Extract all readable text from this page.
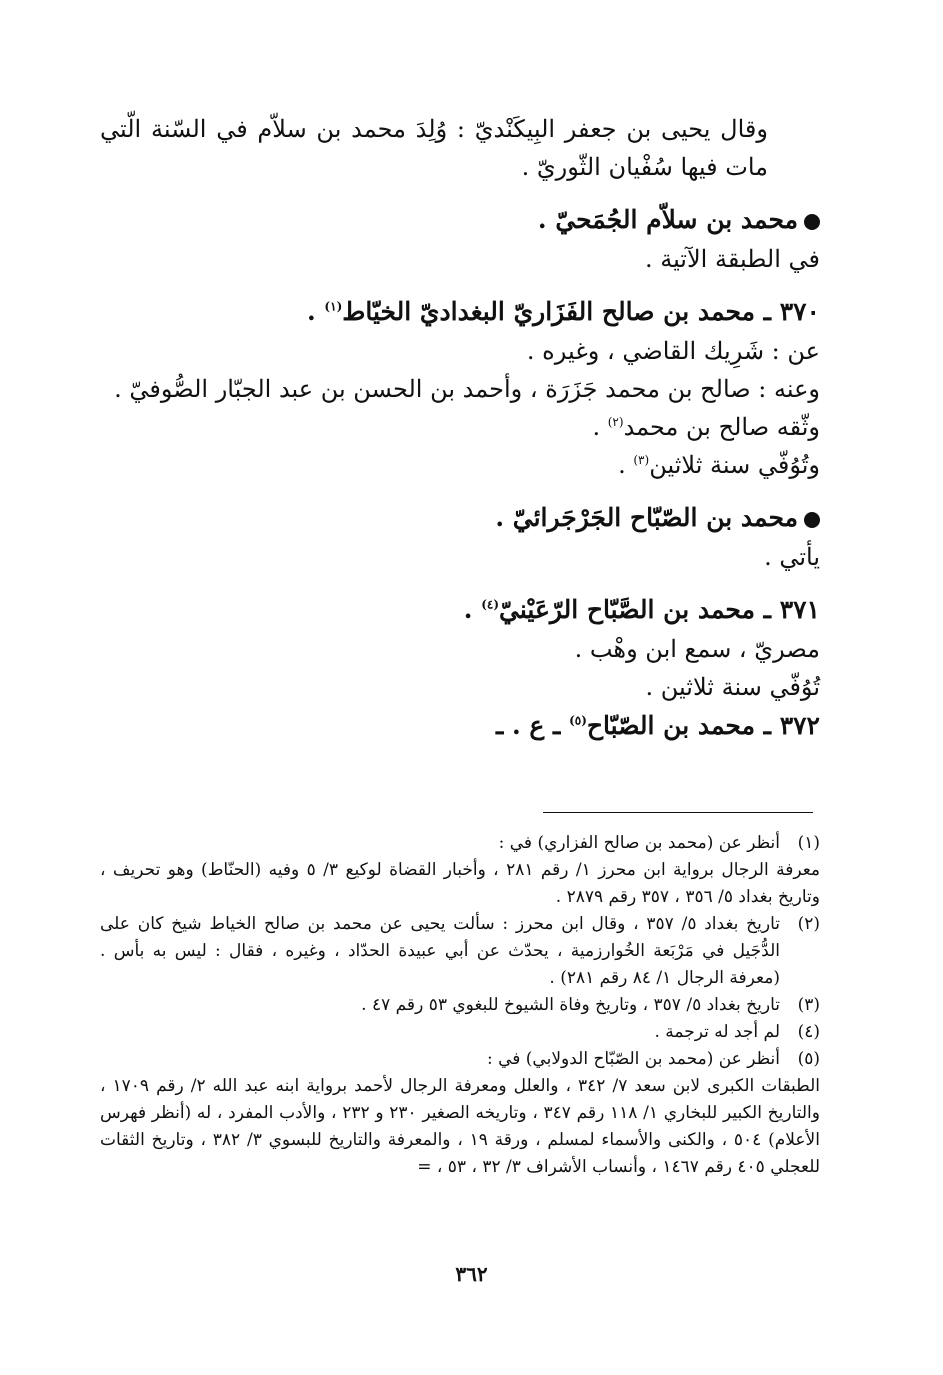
وقال يحيى بن جعفر البِيكَنْديّ : وُلِدَ محمد بن سلاّم في السّنة الّتي مات فيها سُفْيان الثّوريّ .

محمد بن سلاّم الجُمَحيّ .

في الطبقة الآتية .

٣٧٠ ـ محمد بن صالح الفَزَاريّ البغداديّ الخيّاط$^{(١)}$ .

عن : شَرِيك القاضي ، وغيره .

وعنه : صالح بن محمد جَزَرَة ، وأحمد بن الحسن بن عبد الجبّار الصُّوفيّ .

وثّقه صالح بن محمد$^{(٢)}$ .

وتُوُفّي سنة ثلاثين$^{(٣)}$ .

محمد بن الصّبّاح الجَرْجَرائيّ .

يأتي .

٣٧١ ـ محمد بن الصَّبّاح الرّعَيْنيّ$^{(٤)}$ .

مصريّ ، سمع ابن وهْب .

تُوُفّي سنة ثلاثين .

٣٧٢ ـ محمد بن الصّبّاح$^{(٥)}$ ـ ع . ـ

(١)
أنظر عن (محمد بن صالح الفزاري) في :
معرفة الرجال برواية ابن محرز ١/ رقم ٢٨١ ، وأخبار القضاة لوكيع ٣/ ٥ وفيه (الحنّاط) وهو تحريف ، وتاريخ بغداد ٥/ ٣٥٦ ، ٣٥٧ رقم ٢٨٧٩ .
(٢)
تاريخ بغداد ٥/ ٣٥٧ ، وقال ابن محرز : سألت يحيى عن محمد بن صالح الخياط شيخ كان على الدُّجَيل في مَرْبَعة الخُوارزمية ، يحدّث عن أبي عبيدة الحدّاد ، وغيره ، فقال : ليس به بأس . (معرفة الرجال ١/ ٨٤ رقم ٢٨١) .
(٣)
تاريخ بغداد ٥/ ٣٥٧ ، وتاريخ وفاة الشيوخ للبغوي ٥٣ رقم ٤٧ .
(٤)
لم أجد له ترجمة .
(٥)
أنظر عن (محمد بن الصّبّاح الدولابي) في :
الطبقات الكبرى لابن سعد ٧/ ٣٤٢ ، والعلل ومعرفة الرجال لأحمد برواية ابنه عبد الله ٢/ رقم ١٧٠٩ ، والتاريخ الكبير للبخاري ١/ ١١٨ رقم ٣٤٧ ، وتاريخه الصغير ٢٣٠ و ٢٣٢ ، والأدب المفرد ، له (أنظر فهرس الأعلام) ٥٠٤ ، والكنى والأسماء لمسلم ، ورقة ١٩ ، والمعرفة والتاريخ للبسوي ٣/ ٣٨٢ ، وتاريخ الثقات للعجلي ٤٠٥ رقم ١٤٦٧ ، وأنساب الأشراف ٣/ ٣٢ ، ٥٣ ، =
٣٦٢
